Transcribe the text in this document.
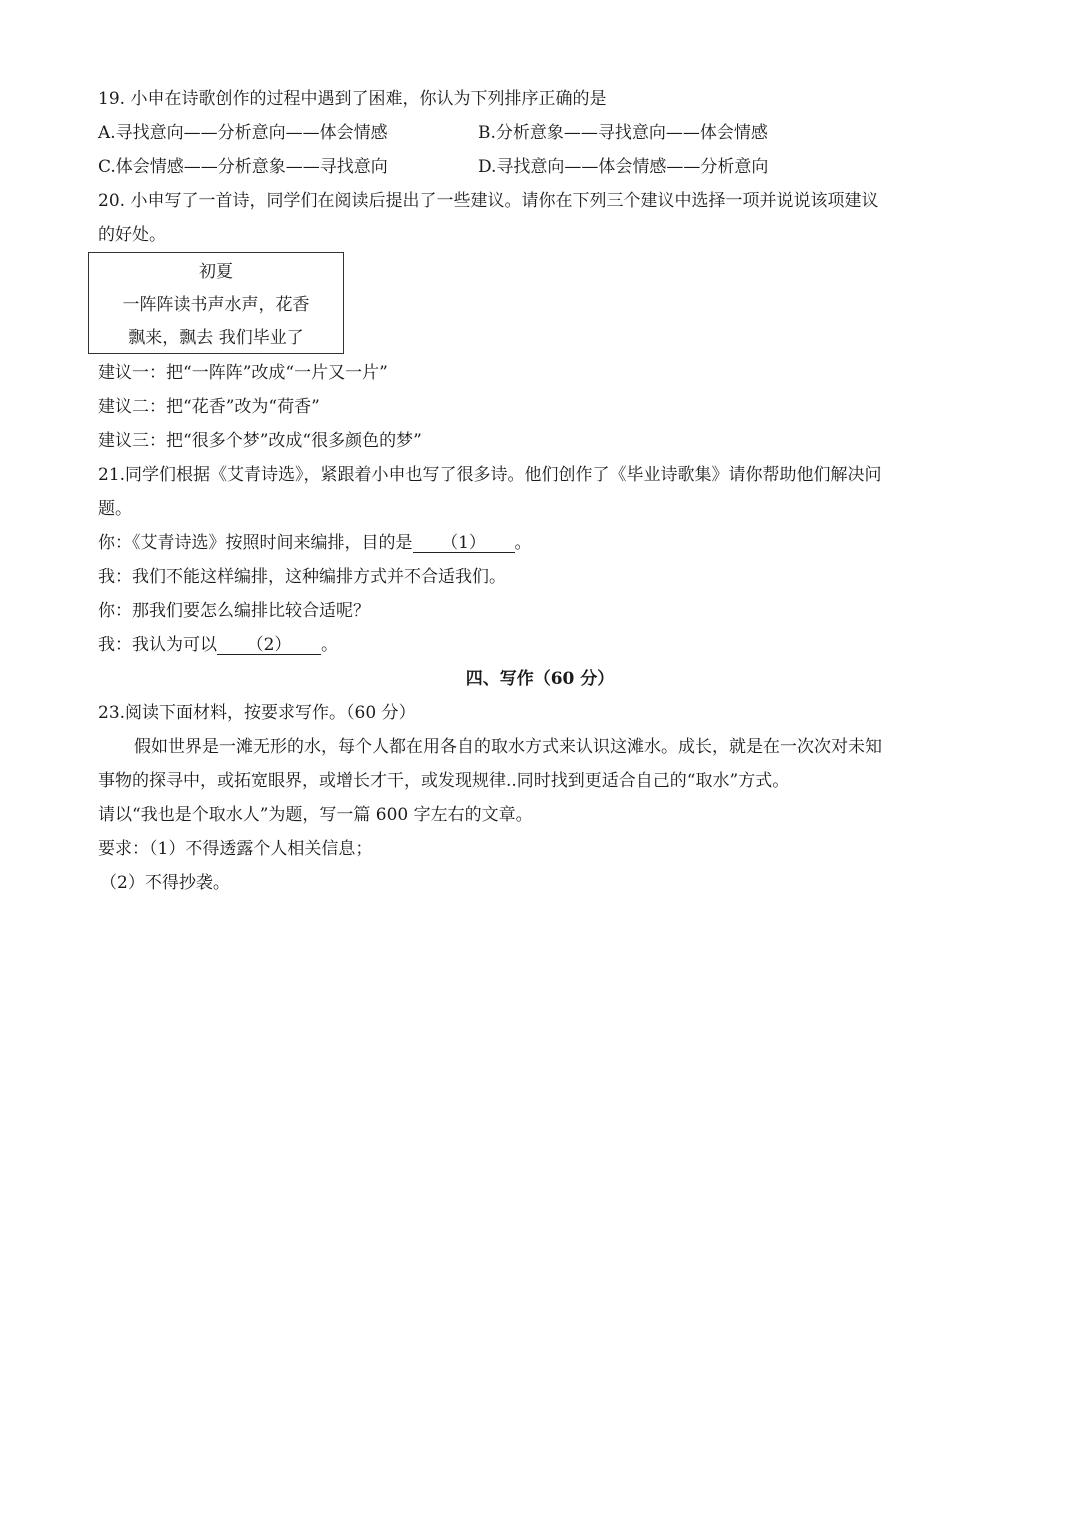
19. 小申在诗歌创作的过程中遇到了困难，你认为下列排序正确的是
A.寻找意向——分析意向——体会情感	B.分析意象——寻找意向——体会情感
C.体会情感——分析意象——寻找意向	D.寻找意向——体会情感——分析意向
20. 小申写了一首诗，同学们在阅读后提出了一些建议。请你在下列三个建议中选择一项并说说该项建议
的好处。
初夏
一阵阵读书声水声，花香
飘来，飘去 我们毕业了
建议一：把“一阵阵”改成“一片又一片”
建议二：把“花香”改为“荷香”
建议三：把“很多个梦”改成“很多颜色的梦”
21.同学们根据《艾青诗选》，紧跟着小申也写了很多诗。他们创作了《毕业诗歌集》请你帮助他们解决问
题。
你：《艾青诗选》按照时间来编排，目的是 （1） 。
我：我们不能这样编排，这种编排方式并不合适我们。
你：那我们要怎么编排比较合适呢？
我：我认为可以 （2） 。
四、写作（60 分）
23.阅读下面材料，按要求写作。（60 分）
假如世界是一滩无形的水，每个人都在用各自的取水方式来认识这滩水。成长，就是在一次次对未知
事物的探寻中，或拓宽眼界，或增长才干，或发现规律..同时找到更适合自己的“取水”方式。
请以“我也是个取水人”为题，写一篇 600 字左右的文章。
要求：（1）不得透露个人相关信息；
（2）不得抄袭。
